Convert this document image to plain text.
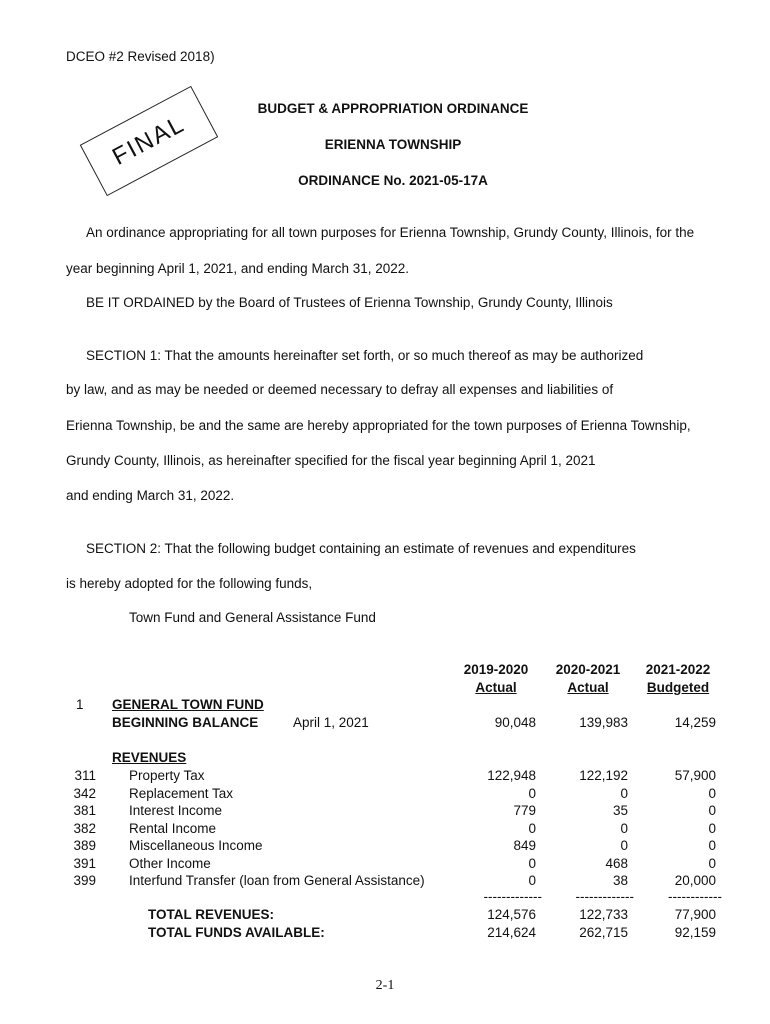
DCEO #2 Revised 2018)
FINAL
BUDGET & APPROPRIATION ORDINANCE
ERIENNA TOWNSHIP
ORDINANCE No. 2021-05-17A
An ordinance appropriating for all town purposes for Erienna Township, Grundy County, Illinois, for the
year beginning April 1, 2021, and ending March 31, 2022.
BE IT ORDAINED by the Board of Trustees of Erienna Township, Grundy County, Illinois
SECTION 1: That the amounts hereinafter set forth, or so much thereof as may be authorized
by law, and as may be needed or deemed necessary to defray all expenses and liabilities of
Erienna Township, be and the same are hereby appropriated for the town purposes of Erienna Township,
Grundy County, Illinois, as hereinafter specified for the fiscal year beginning April 1, 2021
and ending March 31, 2022.
SECTION 2: That the following budget containing an estimate of revenues and expenditures
is hereby adopted for the following funds,
Town Fund and General Assistance Fund
2019-2020	2020-2021	2021-2022
Actual	Actual	Budgeted
1 GENERAL TOWN FUND
BEGINNING BALANCE	April 1, 2021	90,048	139,983	14,259
REVENUES
311 Property Tax	122,948	122,192	57,900
342 Replacement Tax	0	0	0
381 Interest Income	779	35	0
382 Rental Income	0	0	0
389 Miscellaneous Income	849	0	0
391 Other Income	0	468	0
399 Interfund Transfer (loan from General Assistance)	0	38	20,000
-------------	-------------	------------
TOTAL REVENUES:	124,576	122,733	77,900
TOTAL FUNDS AVAILABLE:	214,624	262,715	92,159
2-1
